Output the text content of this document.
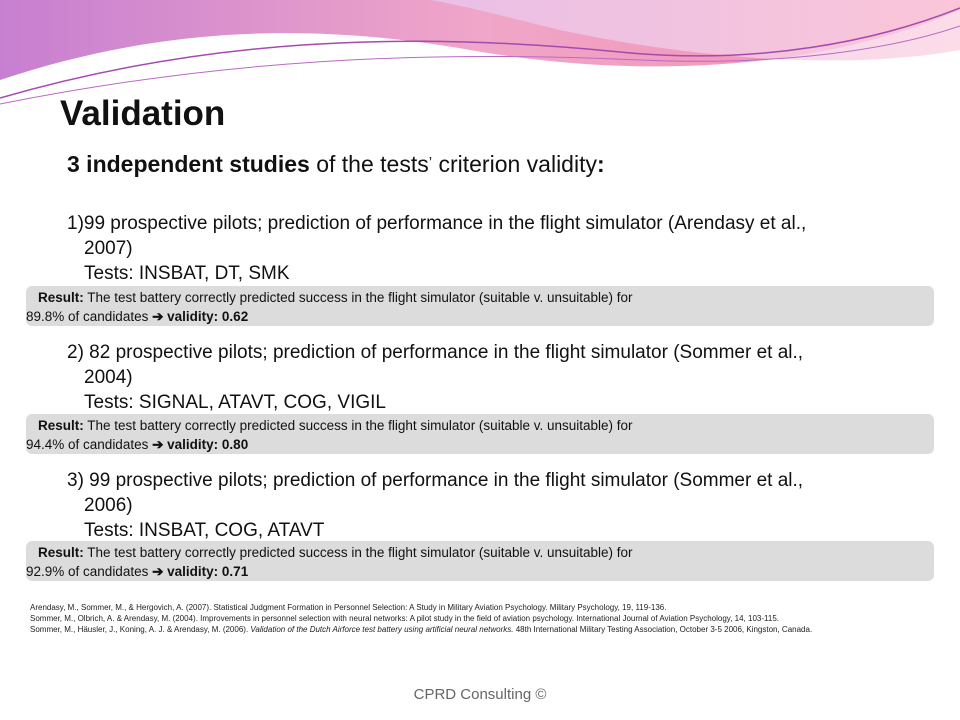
Validation
3 independent studies of the tests’ criterion validity:
1)99 prospective pilots; prediction of performance in the flight simulator (Arendasy et al.,
2007)
Tests: INSBAT, DT, SMK
Result: The test battery correctly predicted success in the flight simulator (suitable v. unsuitable) for
89.8% of candidates ➔ validity: 0.62
2) 82 prospective pilots; prediction of performance in the flight simulator (Sommer et al.,
2004)
Tests: SIGNAL, ATAVT, COG, VIGIL
Result: The test battery correctly predicted success in the flight simulator (suitable v. unsuitable) for
94.4% of candidates ➔ validity: 0.80
3) 99 prospective pilots; prediction of performance in the flight simulator (Sommer et al.,
2006)
Tests: INSBAT, COG, ATAVT
Result: The test battery correctly predicted success in the flight simulator (suitable v. unsuitable) for
92.9% of candidates ➔ validity: 0.71
Arendasy, M., Sommer, M., & Hergovich, A. (2007). Statistical Judgment Formation in Personnel Selection: A Study in Military Aviation Psychology. Military Psychology, 19, 119-136.
Sommer, M., Olbrich, A. & Arendasy, M. (2004). Improvements in personnel selection with neural networks: A pilot study in the field of aviation psychology. International Journal of Aviation Psychology, 14, 103-115.
Sommer, M., Häusler, J., Koning, A. J. & Arendasy, M. (2006). Validation of the Dutch Airforce test battery using artificial neural networks. 48th International Military Testing Association, October 3-5 2006, Kingston, Canada.
CPRD Consulting ©
